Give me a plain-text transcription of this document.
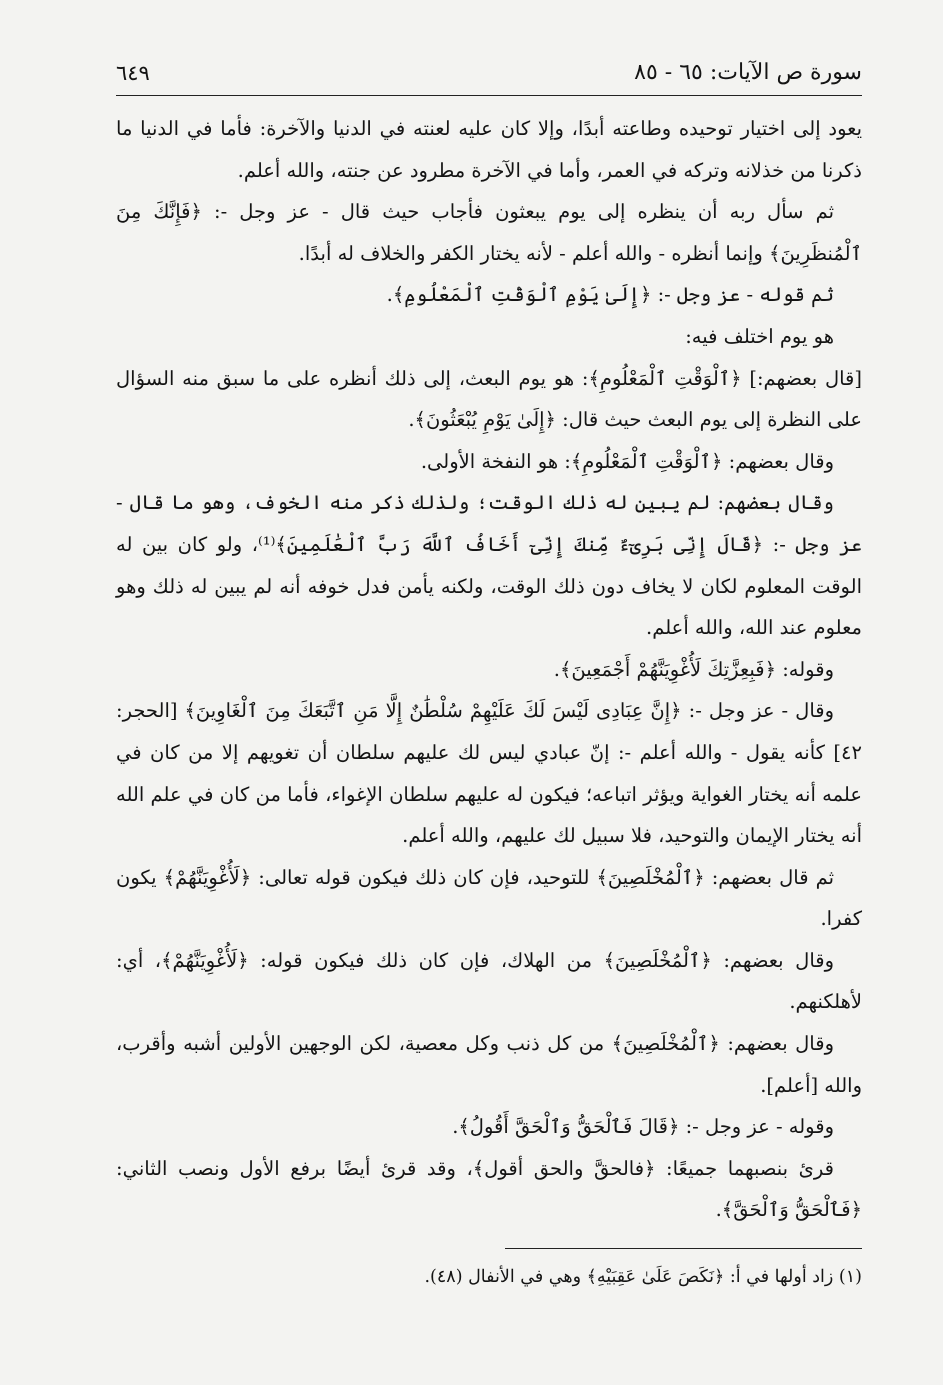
سورة ص الآيات: ٦٥ - ٨٥
٦٤٩

يعود إلى اختيار توحيده وطاعته أبدًا، وإلا كان عليه لعنته في الدنيا والآخرة: فأما في الدنيا ما ذكرنا من خذلانه وتركه في العمر، وأما في الآخرة مطرود عن جنته، والله أعلم.

ثم سأل ربه أن ينظره إلى يوم يبعثون فأجاب حيث قال - عز وجل -: ﴿فَإِنَّكَ مِنَ ٱلْمُنظَرِينَ﴾ وإنما أنظره - والله أعلم - لأنه يختار الكفر والخلاف له أبدًا.

ثم قوله - عز وجل -: ﴿إِلَىٰ يَوْمِ ٱلْوَقْتِ ٱلْمَعْلُومِ﴾.

هو يوم اختلف فيه:

[قال بعضهم:] ﴿ٱلْوَقْتِ ٱلْمَعْلُومِ﴾: هو يوم البعث، إلى ذلك أنظره على ما سبق منه السؤال على النظرة إلى يوم البعث حيث قال: ﴿إِلَىٰ يَوْمِ يُبْعَثُونَ﴾.

وقال بعضهم: ﴿ٱلْوَقْتِ ٱلْمَعْلُومِ﴾: هو النفخة الأولى.

وقال بعضهم: لم يبين له ذلك الوقت؛ ولذلك ذكر منه الخوف، وهو ما قال - عز وجل -: ﴿قَالَ إِنِّى بَرِىٓءٌ مِّنكَ إِنِّىٓ أَخَافُ ٱللَّهَ رَبَّ ٱلْعَٰلَمِينَ﴾⁽¹⁾، ولو كان بين له الوقت المعلوم لكان لا يخاف دون ذلك الوقت، ولكنه يأمن فدل خوفه أنه لم يبين له ذلك وهو معلوم عند الله، والله أعلم.

وقوله: ﴿فَبِعِزَّتِكَ لَأُغْوِيَنَّهُمْ أَجْمَعِينَ﴾.

وقال - عز وجل -: ﴿إِنَّ عِبَادِى لَيْسَ لَكَ عَلَيْهِمْ سُلْطَٰنٌ إِلَّا مَنِ ٱتَّبَعَكَ مِنَ ٱلْغَاوِينَ﴾ [الحجر: ٤٢] كأنه يقول - والله أعلم -: إنّ عبادي ليس لك عليهم سلطان أن تغويهم إلا من كان في علمه أنه يختار الغواية ويؤثر اتباعه؛ فيكون له عليهم سلطان الإغواء، فأما من كان في علم الله أنه يختار الإيمان والتوحيد، فلا سبيل لك عليهم، والله أعلم.

ثم قال بعضهم: ﴿ٱلْمُخْلَصِينَ﴾ للتوحيد، فإن كان ذلك فيكون قوله تعالى: ﴿لَأُغْوِيَنَّهُمْ﴾ يكون كفرا.

وقال بعضهم: ﴿ٱلْمُخْلَصِينَ﴾ من الهلاك، فإن كان ذلك فيكون قوله: ﴿لَأُغْوِيَنَّهُمْ﴾، أي: لأهلكنهم.

وقال بعضهم: ﴿ٱلْمُخْلَصِينَ﴾ من كل ذنب وكل معصية، لكن الوجهين الأولين أشبه وأقرب، والله [أعلم].

وقوله - عز وجل -: ﴿قَالَ فَٱلْحَقُّ وَٱلْحَقَّ أَقُولُ﴾.

قرئ بنصبهما جميعًا: ﴿فالحقَّ والحق أقول﴾، وقد قرئ أيضًا برفع الأول ونصب الثاني: ﴿فَٱلْحَقُّ وَٱلْحَقَّ﴾.

(١) زاد أولها في أ: ﴿نَكَصَ عَلَىٰ عَقِبَيْهِ﴾ وهي في الأنفال (٤٨).
